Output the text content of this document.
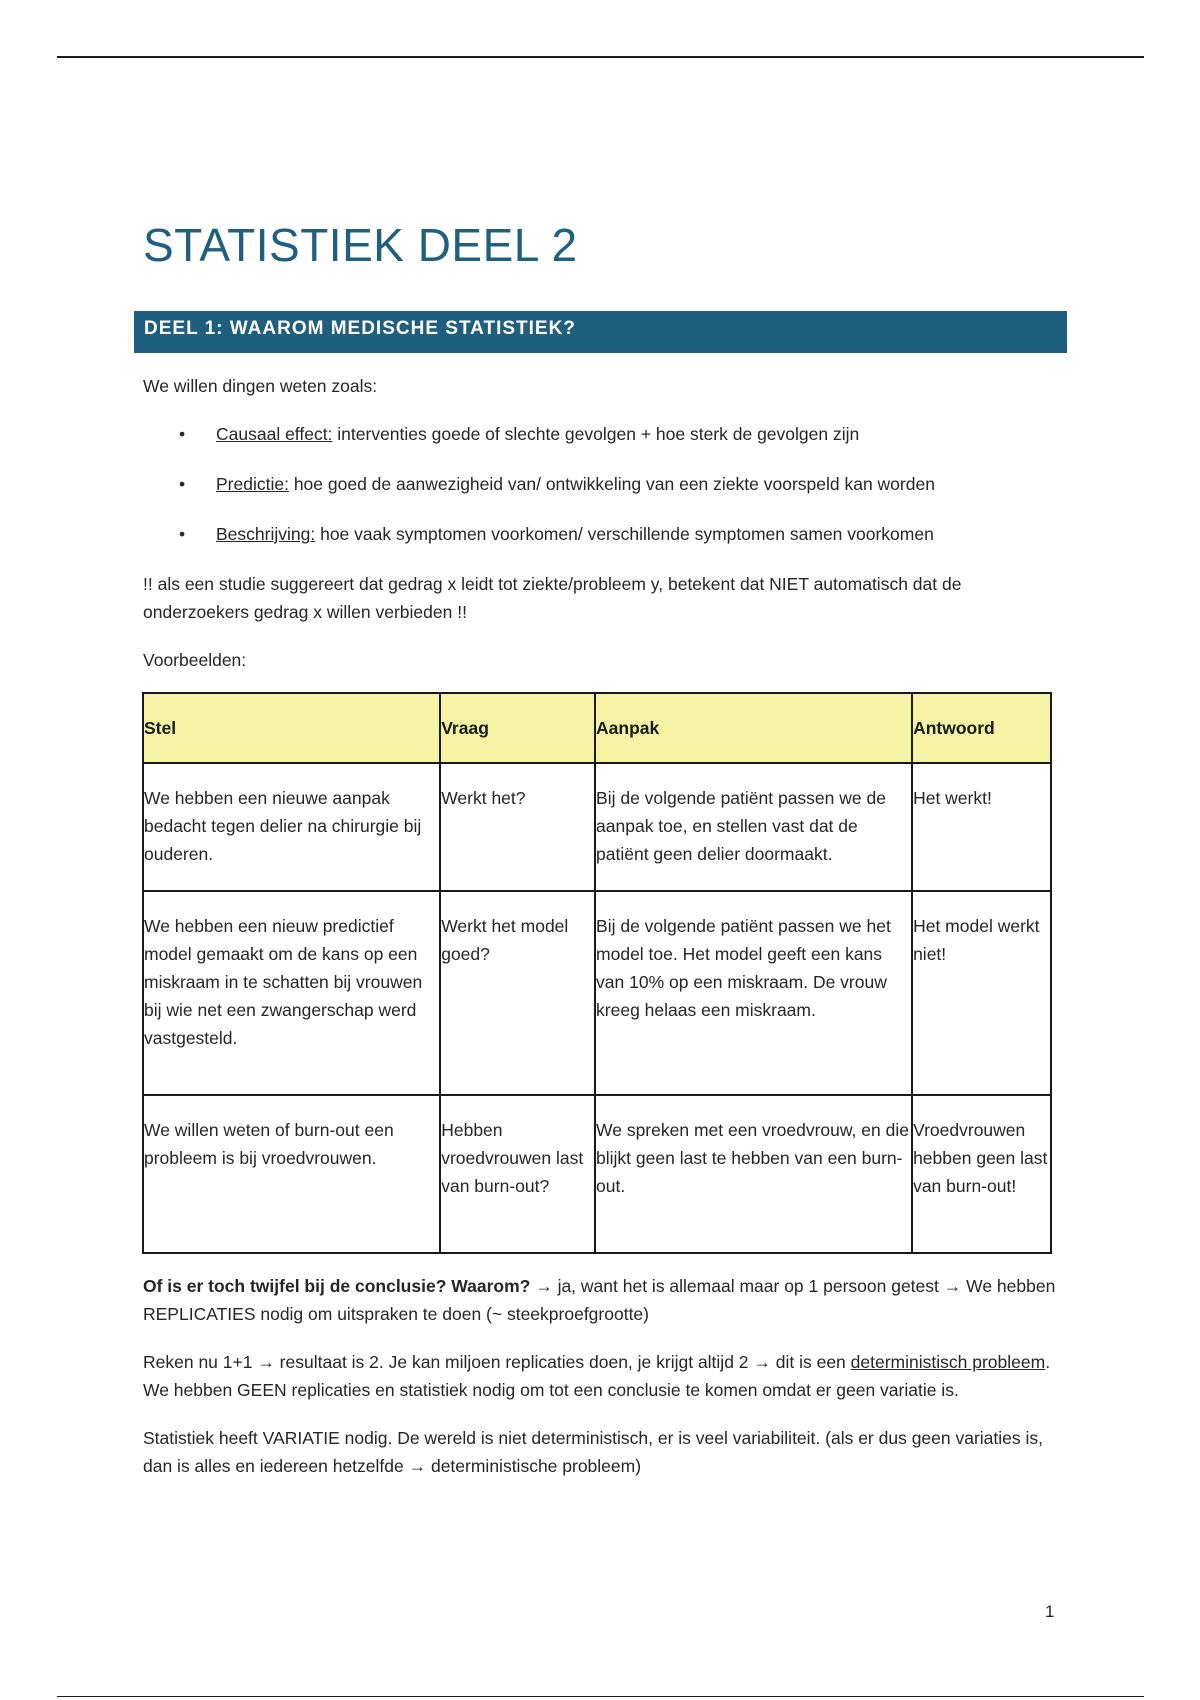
STATISTIEK DEEL 2
DEEL 1: WAAROM MEDISCHE STATISTIEK?

We willen dingen weten zoals:

• Causaal effect: interventies goede of slechte gevolgen + hoe sterk de gevolgen zijn
• Predictie: hoe goed de aanwezigheid van/ ontwikkeling van een ziekte voorspeld kan worden
• Beschrijving: hoe vaak symptomen voorkomen/ verschillende symptomen samen voorkomen

!! als een studie suggereert dat gedrag x leidt tot ziekte/probleem y, betekent dat NIET automatisch dat de onderzoekers gedrag x willen verbieden !!

Voorbeelden:

Stel	Vraag	Aanpak	Antwoord
We hebben een nieuwe aanpak bedacht tegen delier na chirurgie bij ouderen.	Werkt het?	Bij de volgende patiënt passen we de aanpak toe, en stellen vast dat de patiënt geen delier doormaakt.	Het werkt!
We hebben een nieuw predictief model gemaakt om de kans op een miskraam in te schatten bij vrouwen bij wie net een zwangerschap werd vastgesteld.	Werkt het model goed?	Bij de volgende patiënt passen we het model toe. Het model geeft een kans van 10% op een miskraam. De vrouw kreeg helaas een miskraam.	Het model werkt niet!
We willen weten of burn-out een probleem is bij vroedvrouwen.	Hebben vroedvrouwen last van burn-out?	We spreken met een vroedvrouw, en die blijkt geen last te hebben van een burn-out.	Vroedvrouwen hebben geen last van burn-out!

Of is er toch twijfel bij de conclusie? Waarom? → ja, want het is allemaal maar op 1 persoon getest → We hebben REPLICATIES nodig om uitspraken te doen (~ steekproefgrootte)

Reken nu 1+1 → resultaat is 2. Je kan miljoen replicaties doen, je krijgt altijd 2 → dit is een deterministisch probleem. We hebben GEEN replicaties en statistiek nodig om tot een conclusie te komen omdat er geen variatie is.

Statistiek heeft VARIATIE nodig. De wereld is niet deterministisch, er is veel variabiliteit. (als er dus geen variaties is, dan is alles en iedereen hetzelfde → deterministische probleem)

1
